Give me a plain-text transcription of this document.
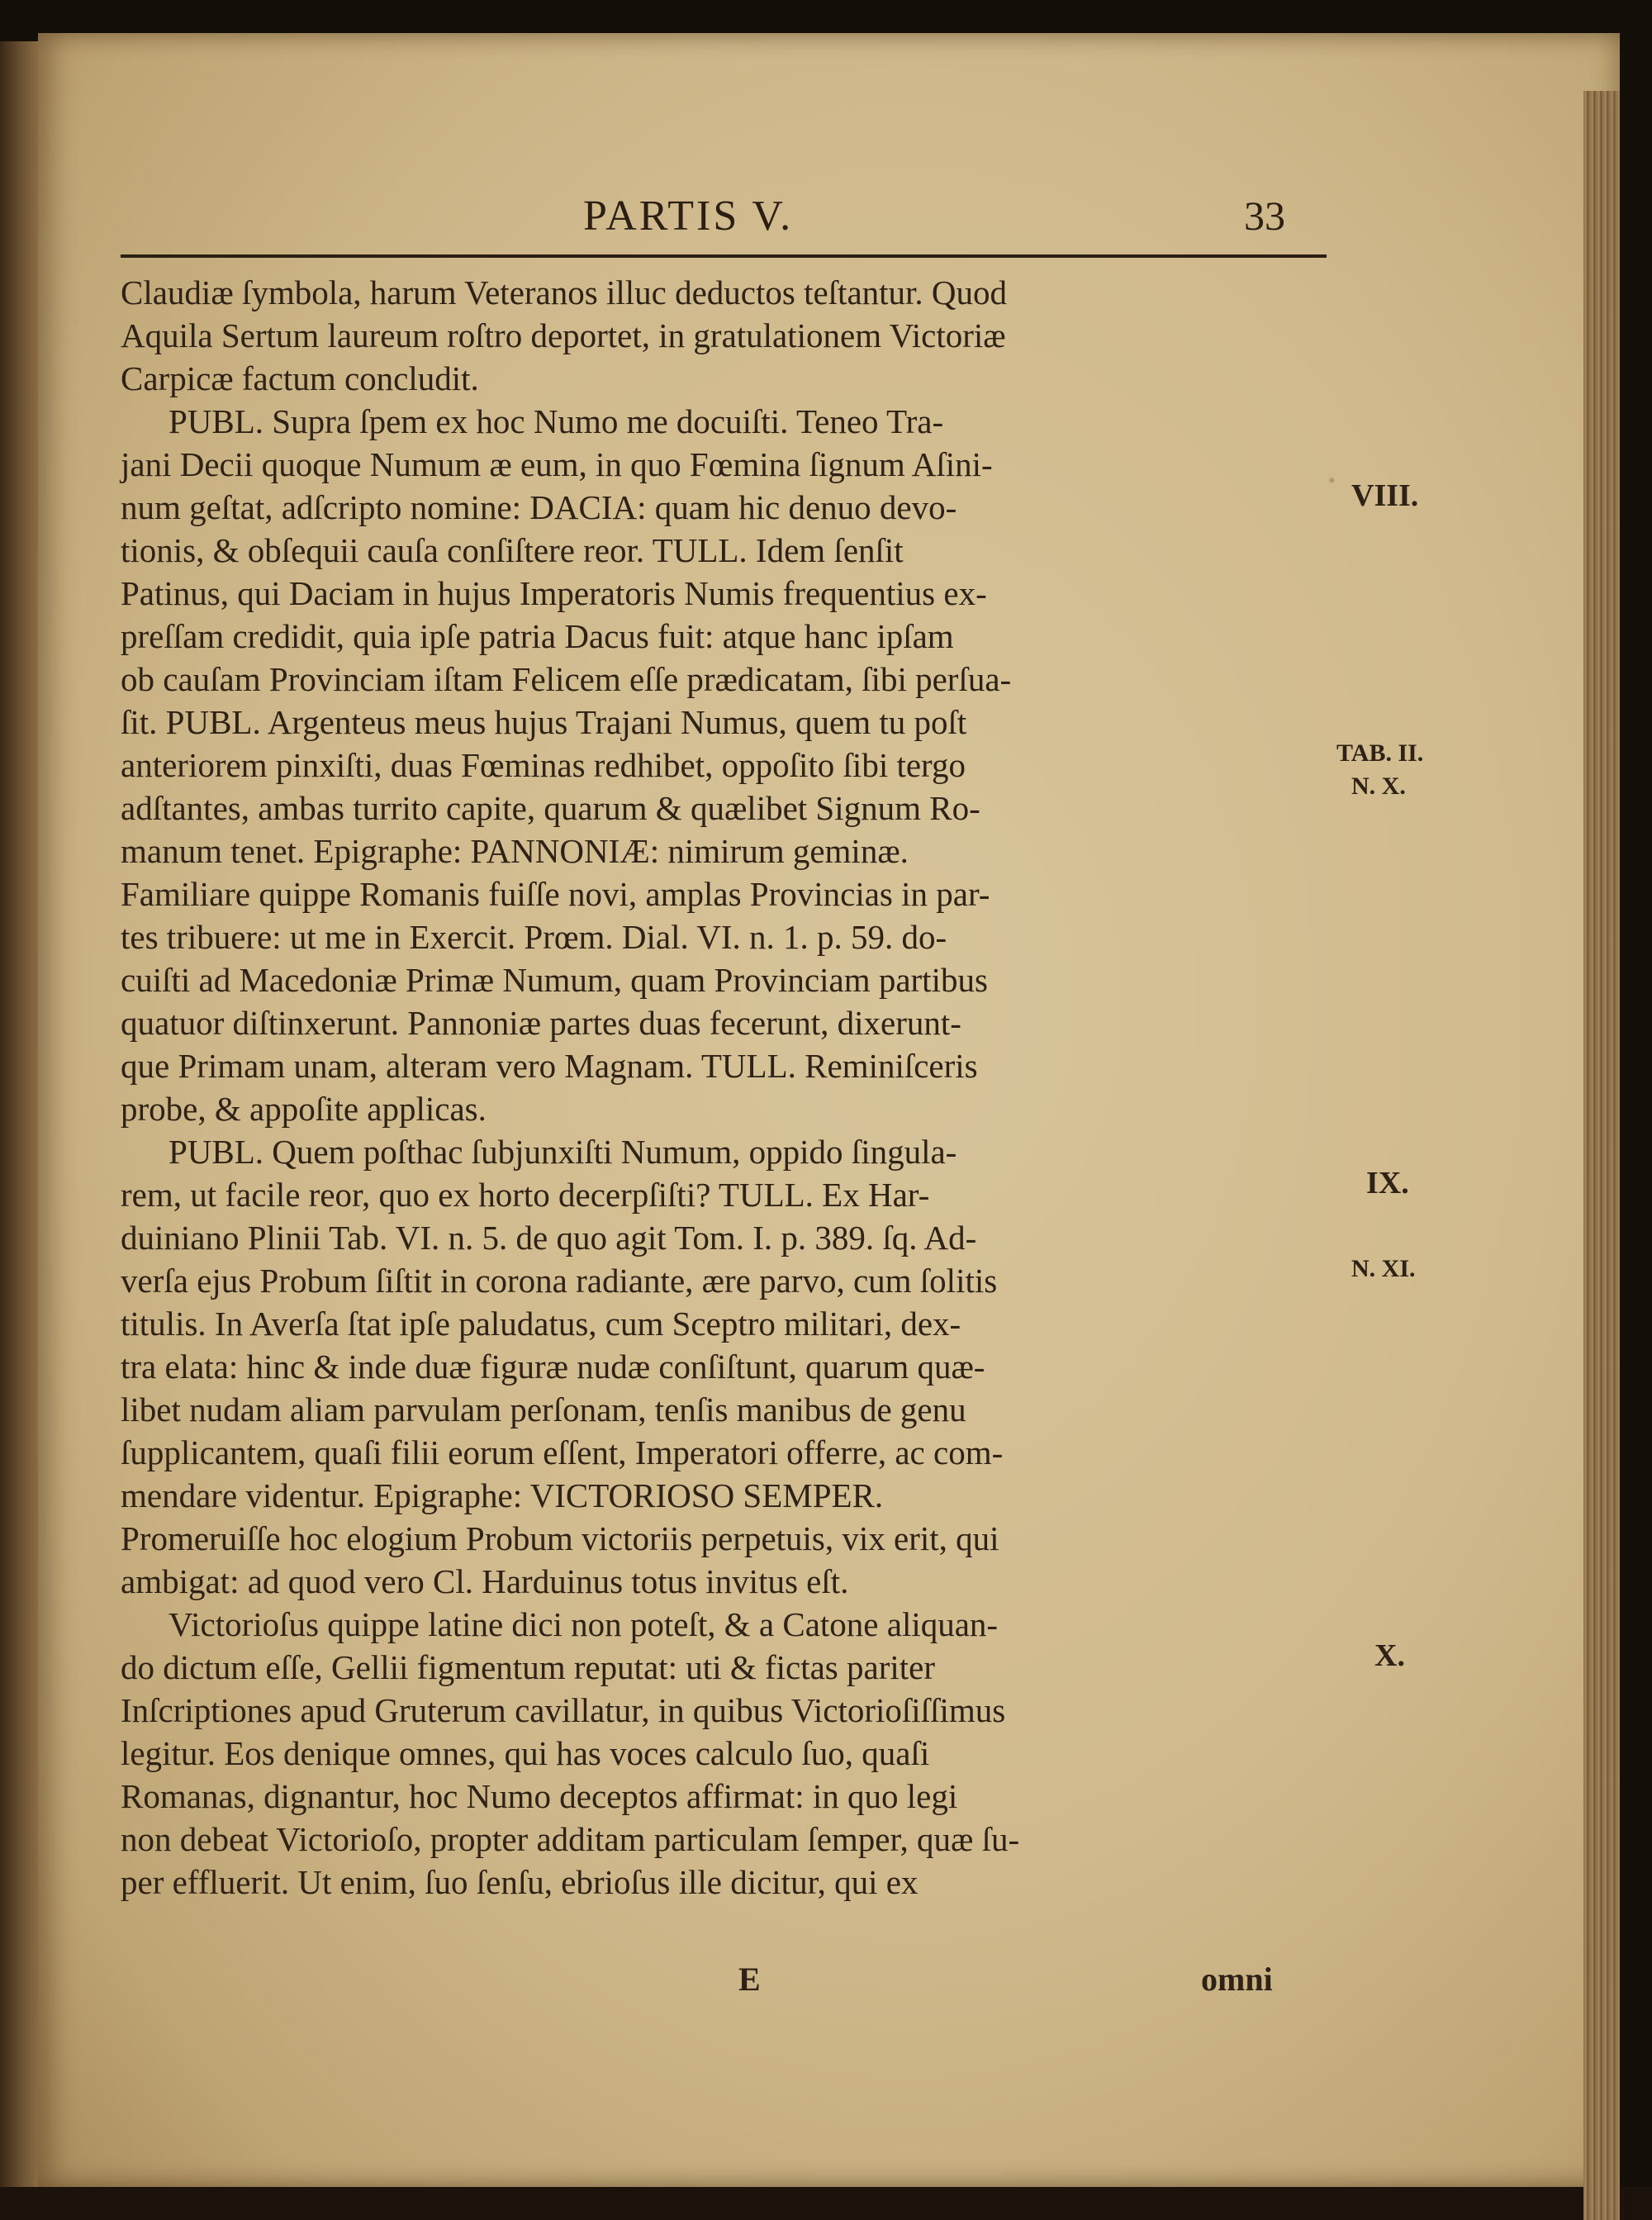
·
PARTIS V.	33
Claudiæ ſymbola, harum Veteranos illuc deductos teſtantur. Quod
Aquila Sertum laureum roſtro deportet, in gratulationem Victoriæ
Carpicæ factum concludit.
PUBL. Supra ſpem ex hoc Numo me docuiſti. Teneo Tra-
jani Decii quoque Numum æ eum, in quo Fœmina ſignum Aſini-
num geſtat, adſcripto nomine: DACIA: quam hic denuo devo-
tionis, & obſequii cauſa conſiſtere reor. TULL. Idem ſenſit
Patinus, qui Daciam in hujus Imperatoris Numis frequentius ex-
preſſam credidit, quia ipſe patria Dacus fuit: atque hanc ipſam
ob cauſam Provinciam iſtam Felicem eſſe prædicatam, ſibi perſua-
ſit. PUBL. Argenteus meus hujus Trajani Numus, quem tu poſt
anteriorem pinxiſti, duas Fœminas redhibet, oppoſito ſibi tergo
adſtantes, ambas turrito capite, quarum & quælibet Signum Ro-
manum tenet. Epigraphe: PANNONIÆ: nimirum geminæ.
Familiare quippe Romanis fuiſſe novi, amplas Provincias in par-
tes tribuere: ut me in Exercit. Prœm. Dial. VI. n. 1. p. 59. do-
cuiſti ad Macedoniæ Primæ Numum, quam Provinciam partibus
quatuor diſtinxerunt. Pannoniæ partes duas fecerunt, dixerunt-
que Primam unam, alteram vero Magnam. TULL. Reminiſceris
probe, & appoſite applicas.
PUBL. Quem poſthac ſubjunxiſti Numum, oppido ſingula-
rem, ut facile reor, quo ex horto decerpſiſti? TULL. Ex Har-
duiniano Plinii Tab. VI. n. 5. de quo agit Tom. I. p. 389. ſq. Ad-
verſa ejus Probum ſiſtit in corona radiante, ære parvo, cum ſolitis
titulis. In Averſa ſtat ipſe paludatus, cum Sceptro militari, dex-
tra elata: hinc & inde duæ figuræ nudæ conſiſtunt, quarum quæ-
libet nudam aliam parvulam perſonam, tenſis manibus de genu
ſupplicantem, quaſi filii eorum eſſent, Imperatori offerre, ac com-
mendare videntur. Epigraphe: VICTORIOSO SEMPER.
Promeruiſſe hoc elogium Probum victoriis perpetuis, vix erit, qui
ambigat: ad quod vero Cl. Harduinus totus invitus eſt.
Victorioſus quippe latine dici non poteſt, & a Catone aliquan-
do dictum eſſe, Gellii figmentum reputat: uti & fictas pariter
Inſcriptiones apud Gruterum cavillatur, in quibus Victorioſiſſimus
legitur. Eos denique omnes, qui has voces calculo ſuo, quaſi
Romanas, dignantur, hoc Numo deceptos affirmat: in quo legi
non debeat Victorioſo, propter additam particulam ſemper, quæ ſu-
per effluerit. Ut enim, ſuo ſenſu, ebrioſus ille dicitur, qui ex
VIII.
TAB. II.
N. X.
IX.
N. XI.
X.
E	omni
